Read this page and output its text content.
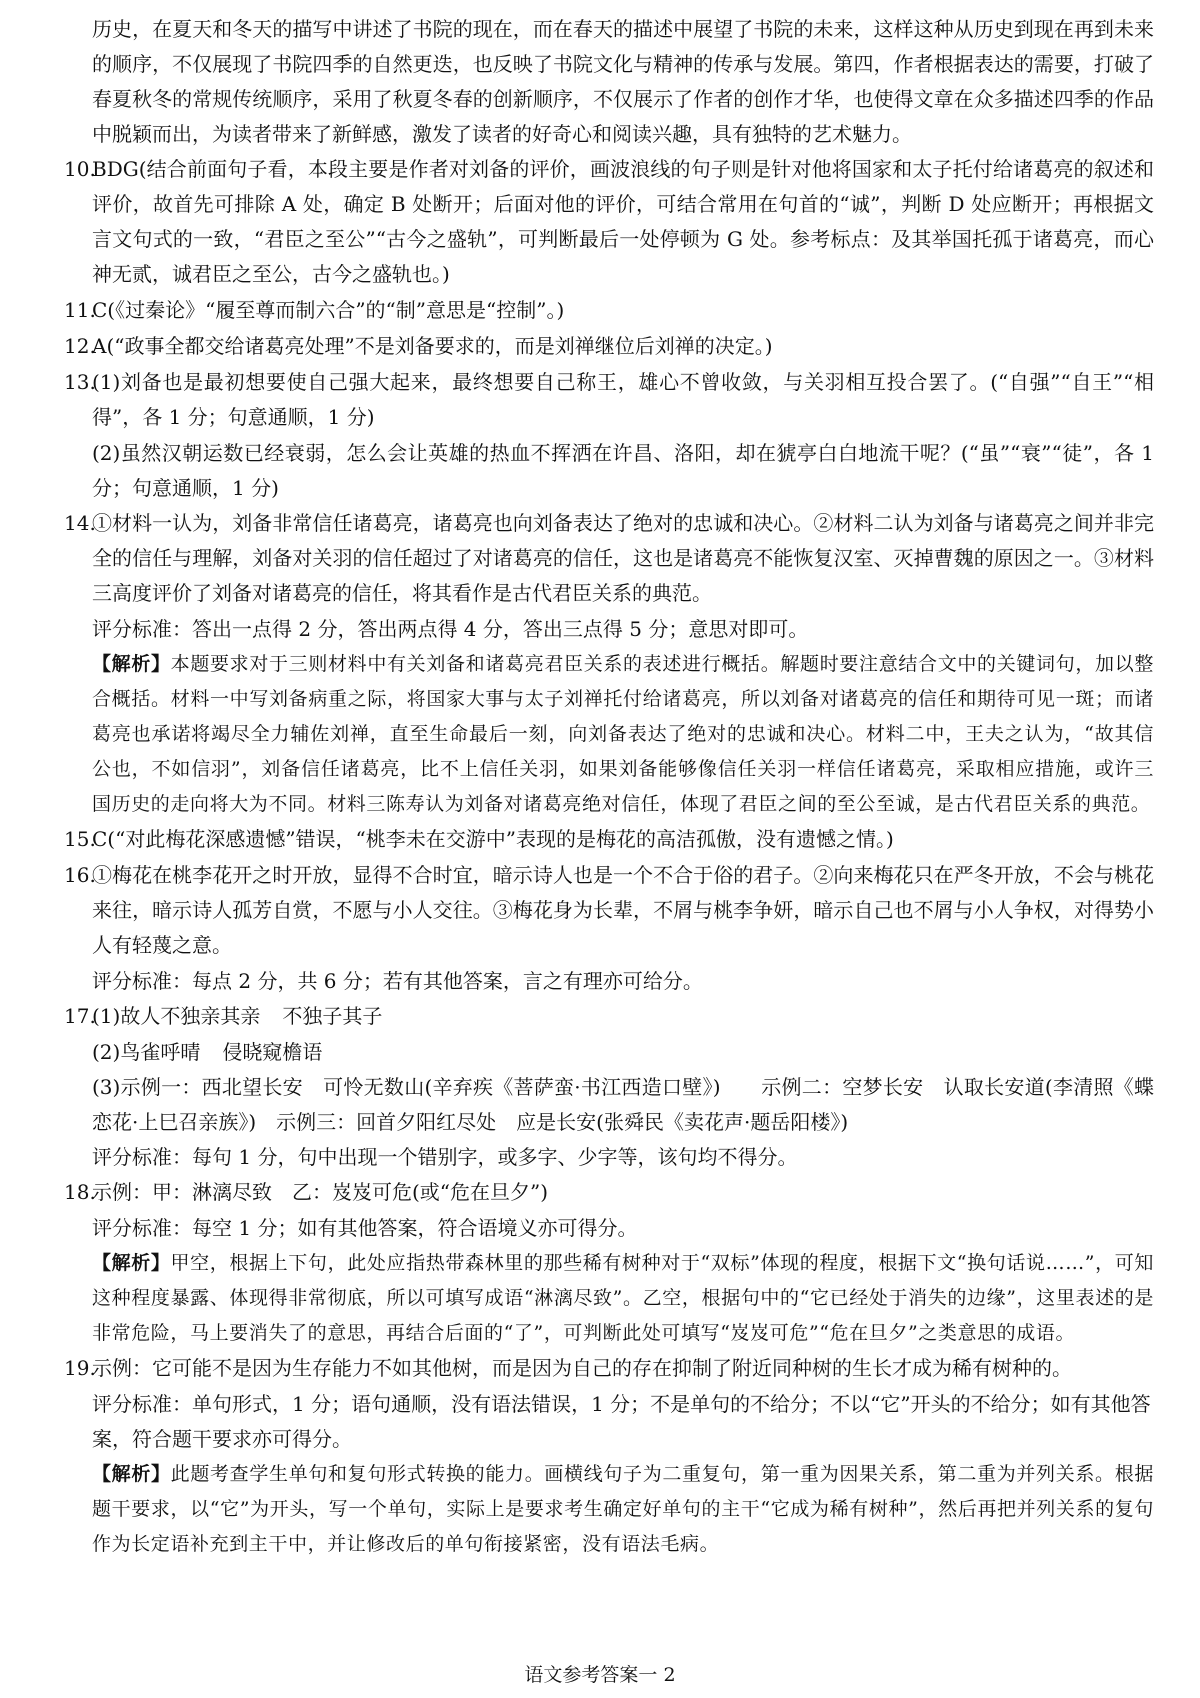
历史，在夏天和冬天的描写中讲述了书院的现在，而在春天的描述中展望了书院的未来，这样这种从历史到现在再到未来的顺序，不仅展现了书院四季的自然更迭，也反映了书院文化与精神的传承与发展。第四，作者根据表达的需要，打破了春夏秋冬的常规传统顺序，采用了秋夏冬春的创新顺序，不仅展示了作者的创作才华，也使得文章在众多描述四季的作品中脱颖而出，为读者带来了新鲜感，激发了读者的好奇心和阅读兴趣，具有独特的艺术魅力。
10.
BDG(结合前面句子看，本段主要是作者对刘备的评价，画波浪线的句子则是针对他将国家和太子托付给诸葛亮的叙述和评价，故首先可排除 A 处，确定 B 处断开；后面对他的评价，可结合常用在句首的“诚”，判断 D 处应断开；再根据文言文句式的一致，“君臣之至公”“古今之盛轨”，可判断最后一处停顿为 G 处。参考标点：及其举国托孤于诸葛亮，而心神无贰，诚君臣之至公，古今之盛轨也。)
11.
C(《过秦论》“履至尊而制六合”的“制”意思是“控制”。)
12.
A(“政事全都交给诸葛亮处理”不是刘备要求的，而是刘禅继位后刘禅的决定。)
13.
(1)刘备也是最初想要使自己强大起来，最终想要自己称王，雄心不曾收敛，与关羽相互投合罢了。(“自强”“自王”“相得”，各 1 分；句意通顺，1 分)
(2)虽然汉朝运数已经衰弱，怎么会让英雄的热血不挥洒在许昌、洛阳，却在猇亭白白地流干呢？(“虽”“衰”“徒”，各 1 分；句意通顺，1 分)
14.
①材料一认为，刘备非常信任诸葛亮，诸葛亮也向刘备表达了绝对的忠诚和决心。②材料二认为刘备与诸葛亮之间并非完全的信任与理解，刘备对关羽的信任超过了对诸葛亮的信任，这也是诸葛亮不能恢复汉室、灭掉曹魏的原因之一。③材料三高度评价了刘备对诸葛亮的信任，将其看作是古代君臣关系的典范。
评分标准：答出一点得 2 分，答出两点得 4 分，答出三点得 5 分；意思对即可。
【解析】本题要求对于三则材料中有关刘备和诸葛亮君臣关系的表述进行概括。解题时要注意结合文中的关键词句，加以整合概括。材料一中写刘备病重之际，将国家大事与太子刘禅托付给诸葛亮，所以刘备对诸葛亮的信任和期待可见一斑；而诸葛亮也承诺将竭尽全力辅佐刘禅，直至生命最后一刻，向刘备表达了绝对的忠诚和决心。材料二中，王夫之认为，“故其信公也，不如信羽”，刘备信任诸葛亮，比不上信任关羽，如果刘备能够像信任关羽一样信任诸葛亮，采取相应措施，或许三国历史的走向将大为不同。材料三陈寿认为刘备对诸葛亮绝对信任，体现了君臣之间的至公至诚，是古代君臣关系的典范。
15.
C(“对此梅花深感遗憾”错误，“桃李未在交游中”表现的是梅花的高洁孤傲，没有遗憾之情。)
16.
①梅花在桃李花开之时开放，显得不合时宜，暗示诗人也是一个不合于俗的君子。②向来梅花只在严冬开放，不会与桃花来往，暗示诗人孤芳自赏，不愿与小人交往。③梅花身为长辈，不屑与桃李争妍，暗示自己也不屑与小人争权，对得势小人有轻蔑之意。
评分标准：每点 2 分，共 6 分；若有其他答案，言之有理亦可给分。
17.
(1)故人不独亲其亲 不独子其子
(2)鸟雀呼晴 侵晓窥檐语
(3)示例一：西北望长安　可怜无数山(辛弃疾《菩萨蛮·书江西造口壁》)　　示例二：空梦长安　认取长安道(李清照《蝶恋花·上巳召亲族》)　示例三：回首夕阳红尽处　应是长安(张舜民《卖花声·题岳阳楼》)
评分标准：每句 1 分，句中出现一个错别字，或多字、少字等，该句均不得分。
18.
示例：甲：淋漓尽致　乙：岌岌可危(或“危在旦夕”)
评分标准：每空 1 分；如有其他答案，符合语境义亦可得分。
【解析】甲空，根据上下句，此处应指热带森林里的那些稀有树种对于“双标”体现的程度，根据下文“换句话说……”，可知这种程度暴露、体现得非常彻底，所以可填写成语“淋漓尽致”。乙空，根据句中的“它已经处于消失的边缘”，这里表述的是非常危险，马上要消失了的意思，再结合后面的“了”，可判断此处可填写“岌岌可危”“危在旦夕”之类意思的成语。
19.
示例：它可能不是因为生存能力不如其他树，而是因为自己的存在抑制了附近同种树的生长才成为稀有树种的。
评分标准：单句形式，1 分；语句通顺，没有语法错误，1 分；不是单句的不给分；不以“它”开头的不给分；如有其他答案，符合题干要求亦可得分。
【解析】此题考查学生单句和复句形式转换的能力。画横线句子为二重复句，第一重为因果关系，第二重为并列关系。根据题干要求，以“它”为开头，写一个单句，实际上是要求考生确定好单句的主干“它成为稀有树种”，然后再把并列关系的复句作为长定语补充到主干中，并让修改后的单句衔接紧密，没有语法毛病。
语文参考答案一 2
